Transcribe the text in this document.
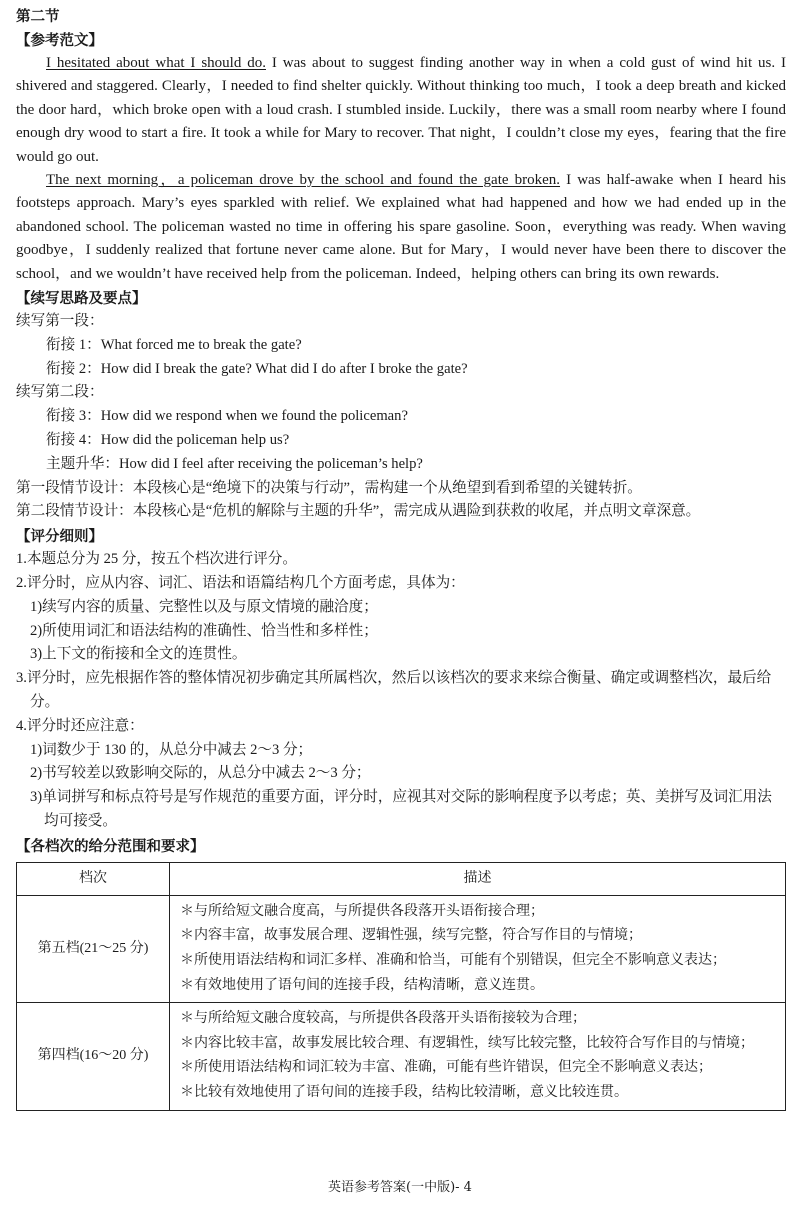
第二节
【参考范文】

I hesitated about what I should do. I was about to suggest finding another way in when a cold gust of wind hit us. I shivered and staggered. Clearly，I needed to find shelter quickly. Without thinking too much，I took a deep breath and kicked the door hard，which broke open with a loud crash. I stumbled inside. Luckily，there was a small room nearby where I found enough dry wood to start a fire. It took a while for Mary to recover. That night，I couldn’t close my eyes，fearing that the fire would go out.

The next morning，a policeman drove by the school and found the gate broken. I was half-awake when I heard his footsteps approach. Mary’s eyes sparkled with relief. We explained what had happened and how we had ended up in the abandoned school. The policeman wasted no time in offering his spare gasoline. Soon，everything was ready. When waving goodbye，I suddenly realized that fortune never came alone. But for Mary，I would never have been there to discover the school，and we wouldn’t have received help from the policeman. Indeed，helping others can bring its own rewards.

【续写思路及要点】
续写第一段：
衔接 1：What forced me to break the gate?
衔接 2：How did I break the gate? What did I do after I broke the gate?
续写第二段：
衔接 3：How did we respond when we found the policeman?
衔接 4：How did the policeman help us?
主题升华：How did I feel after receiving the policeman’s help?
第一段情节设计：本段核心是“绝境下的决策与行动”，需构建一个从绝望到看到希望的关键转折。
第二段情节设计：本段核心是“危机的解除与主题的升华”，需完成从遇险到获救的收尾，并点明文章深意。
【评分细则】
1.本题总分为 25 分，按五个档次进行评分。
2.评分时，应从内容、词汇、语法和语篇结构几个方面考虑，具体为：
1)续写内容的质量、完整性以及与原文情境的融洽度；
2)所使用词汇和语法结构的准确性、恰当性和多样性；
3)上下文的衔接和全文的连贯性。
3.评分时，应先根据作答的整体情况初步确定其所属档次，然后以该档次的要求来综合衡量、确定或调整档次，最后给分。
4.评分时还应注意：
1)词数少于 130 的，从总分中减去 2～3 分；
2)书写较差以致影响交际的，从总分中减去 2～3 分；
3)单词拼写和标点符号是写作规范的重要方面，评分时，应视其对交际的影响程度予以考虑；英、美拼写及词汇用法均可接受。
【各档次的给分范围和要求】
档次	描述
第五档(21～25 分)	＊与所给短文融合度高，与所提供各段落开头语衔接合理；
＊内容丰富，故事发展合理、逻辑性强，续写完整，符合写作目的与情境；
＊所使用语法结构和词汇多样、准确和恰当，可能有个别错误，但完全不影响意义表达；
＊有效地使用了语句间的连接手段，结构清晰，意义连贯。

第四档(16～20 分)	＊与所给短文融合度较高，与所提供各段落开头语衔接较为合理；
＊内容比较丰富，故事发展比较合理、有逻辑性，续写比较完整，比较符合写作目的与情境；
＊所使用语法结构和词汇较为丰富、准确，可能有些许错误，但完全不影响意义表达；
＊比较有效地使用了语句间的连接手段，结构比较清晰，意义比较连贯。
英语参考答案(一中版)- 4
